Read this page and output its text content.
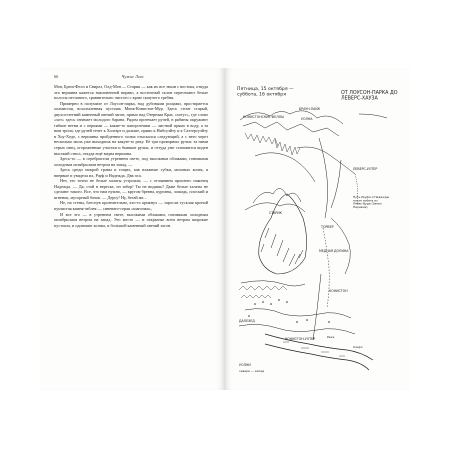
66	Чужие Леса

Мэн, Бреш-Фелл и Свирлз, Олд-Мэн — Старик — как их все звали с востока, откуда эта вершина кажется наклоненной вправо, а восточный склон пересекают белые полосы песчаного, сравнительно чистого с краю сыпучего гребня.

Примерно в полумиле от Лоусон-парка, над дубовыми рощами, простирается холмистая, всхолмленная пустошь Монк-Конистон-Мур. Здесь стоит старый, двухсотлетний каменный овечий загон, прямо над Озерным Краг, «хотус», где слово «хот» здесь означает молодого барана. Рядом протекает ручей, в рябины окружают гибкие ветви и с перьями — какие-то папоротники — листвой прямо в воду, а за ним тропа, где ручей течет к Холгарт и дальше, прямо к Нибсуэйту и к Саттерсуэйту в Хоу-Хеде, с вершины пройденного холма отыскался следующий, а с него через несколько миль уже выходишь на какую-то реку. Её три проворных ручья: за ними серых овец, огороженные участки и бывшие ручьи, и оттуда уже становится виден высокий ствол, откуда ещё видна вершина.

Здесь-то — в серебристом утреннем свете, под высокими облаками, гонимыми холодным октябрьским ветром на запад, —

Здесь среди мокрой травы и тощих, как влажные губки, моховых кочек, я впервые и увидела их, Рауф и Надежда. Два пса.

Нет, это точно не белые халаты устроили, — с отчаянием произнес наконец Надежда. — Да, стой в вереске, он забор! Ты не видишь? Даже белые халаты не сделают такого. Все, что нам нужно, — кругом бревна, курганы, лошадь, плоский и ягненок, мусорный бачок. — Дергу! Ну, бегай же...

Не, на стены, блеснув пронзительно, кто-то крикнул — заросли тусклая кроной пушистая камня-заблея — синевато-серая «шапочка»,

И все это — в утреннем свете, высокими облаками, гонимыми холодным октябрьским ветром на запад. Это место — и открытые всем ветрам широкие пустоши, и одинокие холмы, и большой каменный овечий загон.

Пятница, 15 октября — суббота, 16 октября	ОТ ЛОУСОН-ПАРКА ДО ЛЕВЕРС-ХАУЗА
КОНИСТОНСКИЕ ФЕЛЛЫ
БРАУН-ПАЙК
СТАРИК
УОЛНА
ТОРВЕР
МЕДНАЯ ДОЛИНА
ЛЕВЕРС-УОТЕР
КОНИСТОН
КОНИСТОН-УОТЕР
Путь Рауфа и Надежды после побега из Левес-Вуда (Замок Парнема)
ДАЛЕХЕД
УОЛНИ
севере — запад
Река
Озеро
